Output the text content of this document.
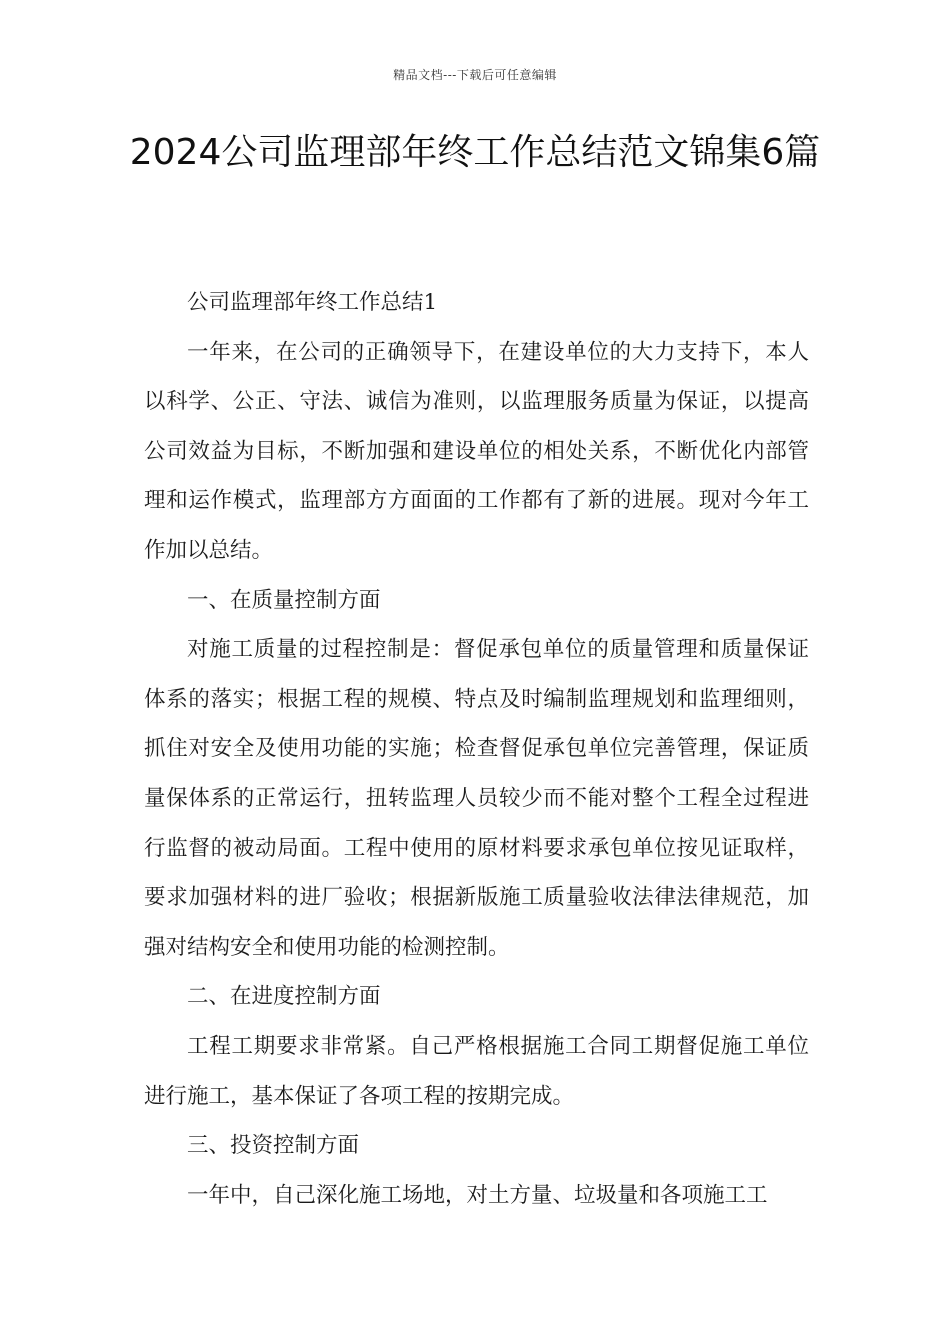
精品文档---下载后可任意编辑
2024公司监理部年终工作总结范文锦集6篇

公司监理部年终工作总结1

一年来，在公司的正确领导下，在建设单位的大力支持下，本人以科学、公正、守法、诚信为准则，以监理服务质量为保证，以提高公司效益为目标，不断加强和建设单位的相处关系，不断优化内部管理和运作模式，监理部方方面面的工作都有了新的进展。现对今年工作加以总结。

一、在质量控制方面

对施工质量的过程控制是：督促承包单位的质量管理和质量保证体系的落实；根据工程的规模、特点及时编制监理规划和监理细则，抓住对安全及使用功能的实施；检查督促承包单位完善管理，保证质量保体系的正常运行，扭转监理人员较少而不能对整个工程全过程进行监督的被动局面。工程中使用的原材料要求承包单位按见证取样，要求加强材料的进厂验收；根据新版施工质量验收法律法律规范，加强对结构安全和使用功能的检测控制。

二、在进度控制方面

工程工期要求非常紧。自己严格根据施工合同工期督促施工单位进行施工，基本保证了各项工程的按期完成。

三、投资控制方面

一年中，自己深化施工场地，对土方量、垃圾量和各项施工工
